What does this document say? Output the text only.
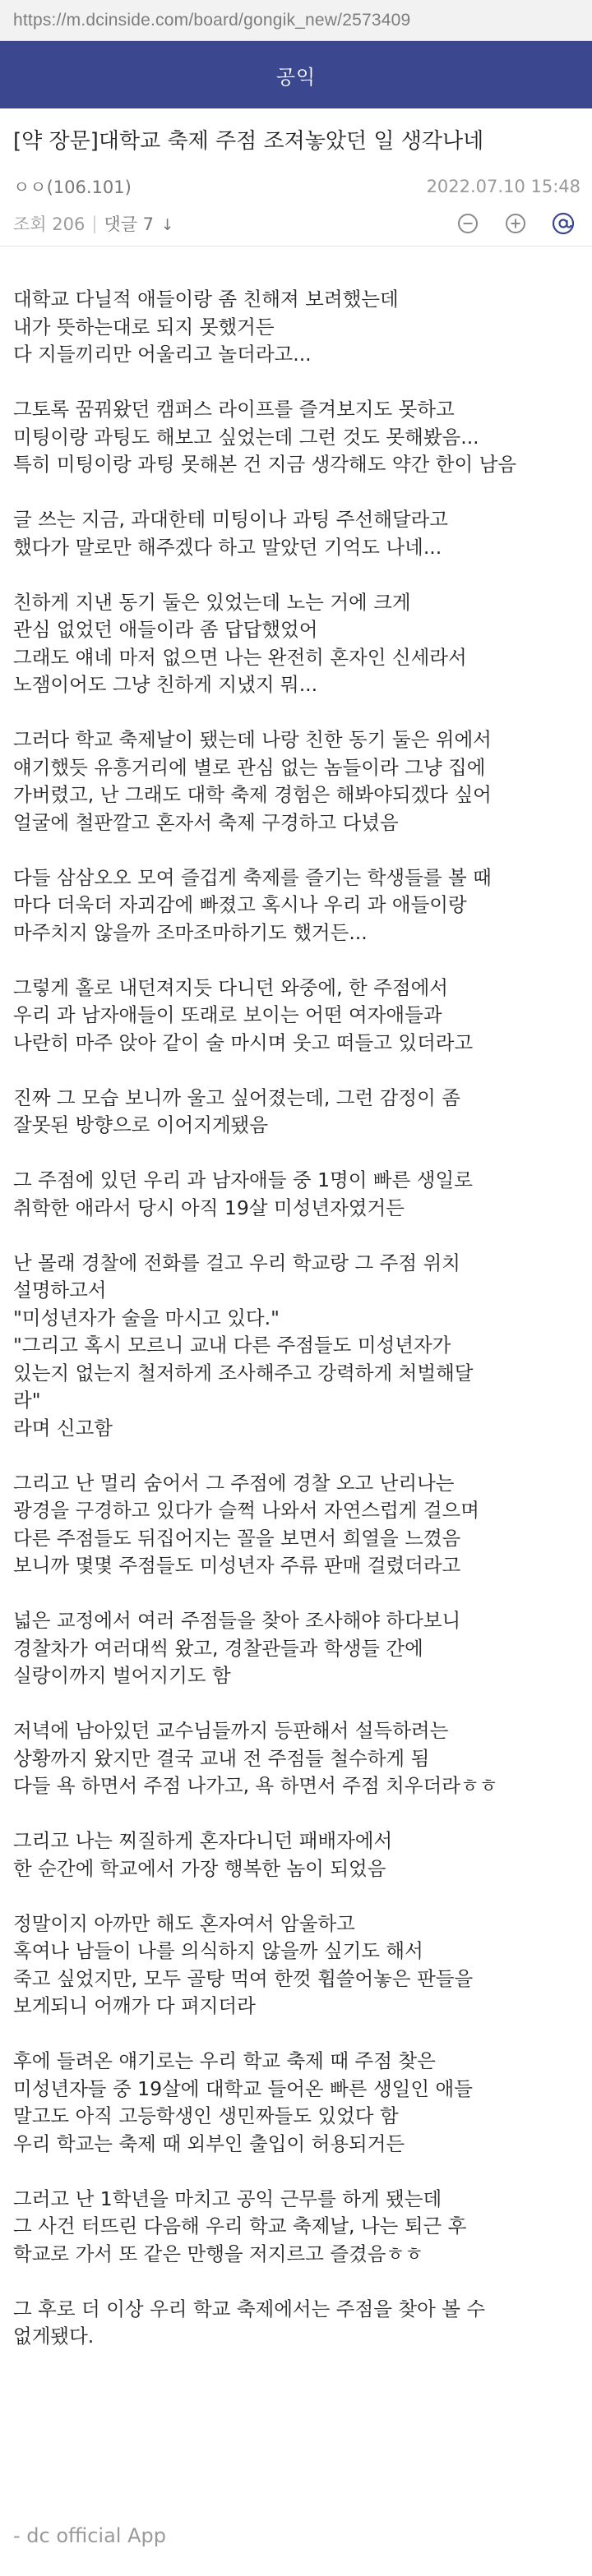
https://m.dcinside.com/board/gongik_new/2573409
공익
[약 장문]대학교 축제 주점 조져놓았던 일 생각나네
ㅇㅇ(106.101)	2022.07.10 15:48
조회 206 | 댓글 7 ↓

대학교 다닐적 애들이랑 좀 친해져 보려했는데
내가 뜻하는대로 되지 못했거든
다 지들끼리만 어울리고 놀더라고...

그토록 꿈꿔왔던 캠퍼스 라이프를 즐겨보지도 못하고
미팅이랑 과팅도 해보고 싶었는데 그런 것도 못해봤음...
특히 미팅이랑 과팅 못해본 건 지금 생각해도 약간 한이 남음

글 쓰는 지금, 과대한테 미팅이나 과팅 주선해달라고
했다가 말로만 해주겠다 하고 말았던 기억도 나네...

친하게 지낸 동기 둘은 있었는데 노는 거에 크게
관심 없었던 애들이라 좀 답답했었어
그래도 얘네 마저 없으면 나는 완전히 혼자인 신세라서
노잼이어도 그냥 친하게 지냈지 뭐...

그러다 학교 축제날이 됐는데 나랑 친한 동기 둘은 위에서
얘기했듯 유흥거리에 별로 관심 없는 놈들이라 그냥 집에
가버렸고, 난 그래도 대학 축제 경험은 해봐야되겠다 싶어
얼굴에 철판깔고 혼자서 축제 구경하고 다녔음

다들 삼삼오오 모여 즐겁게 축제를 즐기는 학생들를 볼 때
마다 더욱더 자괴감에 빠졌고 혹시나 우리 과 애들이랑
마주치지 않을까 조마조마하기도 했거든...

그렇게 홀로 내던져지듯 다니던 와중에, 한 주점에서
우리 과 남자애들이 또래로 보이는 어떤 여자애들과
나란히 마주 앉아 같이 술 마시며 웃고 떠들고 있더라고

진짜 그 모습 보니까 울고 싶어졌는데, 그런 감정이 좀
잘못된 방향으로 이어지게됐음

그 주점에 있던 우리 과 남자애들 중 1명이 빠른 생일로
취학한 애라서 당시 아직 19살 미성년자였거든

난 몰래 경찰에 전화를 걸고 우리 학교랑 그 주점 위치
설명하고서
"미성년자가 술을 마시고 있다."
"그리고 혹시 모르니 교내 다른 주점들도 미성년자가
있는지 없는지 철저하게 조사해주고 강력하게 처벌해달
라"
라며 신고함

그리고 난 멀리 숨어서 그 주점에 경찰 오고 난리나는
광경을 구경하고 있다가 슬쩍 나와서 자연스럽게 걸으며
다른 주점들도 뒤집어지는 꼴을 보면서 희열을 느꼈음
보니까 몇몇 주점들도 미성년자 주류 판매 걸렸더라고

넓은 교정에서 여러 주점들을 찾아 조사해야 하다보니
경찰차가 여러대씩 왔고, 경찰관들과 학생들 간에
실랑이까지 벌어지기도 함

저녁에 남아있던 교수님들까지 등판해서 설득하려는
상황까지 왔지만 결국 교내 전 주점들 철수하게 됨
다들 욕 하면서 주점 나가고, 욕 하면서 주점 치우더라ㅎㅎ

그리고 나는 찌질하게 혼자다니던 패배자에서
한 순간에 학교에서 가장 행복한 놈이 되었음

정말이지 아까만 해도 혼자여서 암울하고
혹여나 남들이 나를 의식하지 않을까 싶기도 해서
죽고 싶었지만, 모두 골탕 먹여 한껏 휩쓸어놓은 판들을
보게되니 어깨가 다 펴지더라

후에 들려온 얘기로는 우리 학교 축제 때 주점 찾은
미성년자들 중 19살에 대학교 들어온 빠른 생일인 애들
말고도 아직 고등학생인 생민짜들도 있었다 함
우리 학교는 축제 때 외부인 출입이 허용되거든

그러고 난 1학년을 마치고 공익 근무를 하게 됐는데
그 사건 터뜨린 다음해 우리 학교 축제날, 나는 퇴근 후
학교로 가서 또 같은 만행을 저지르고 즐겼음ㅎㅎ

그 후로 더 이상 우리 학교 축제에서는 주점을 찾아 볼 수
없게됐다.

- dc official App
